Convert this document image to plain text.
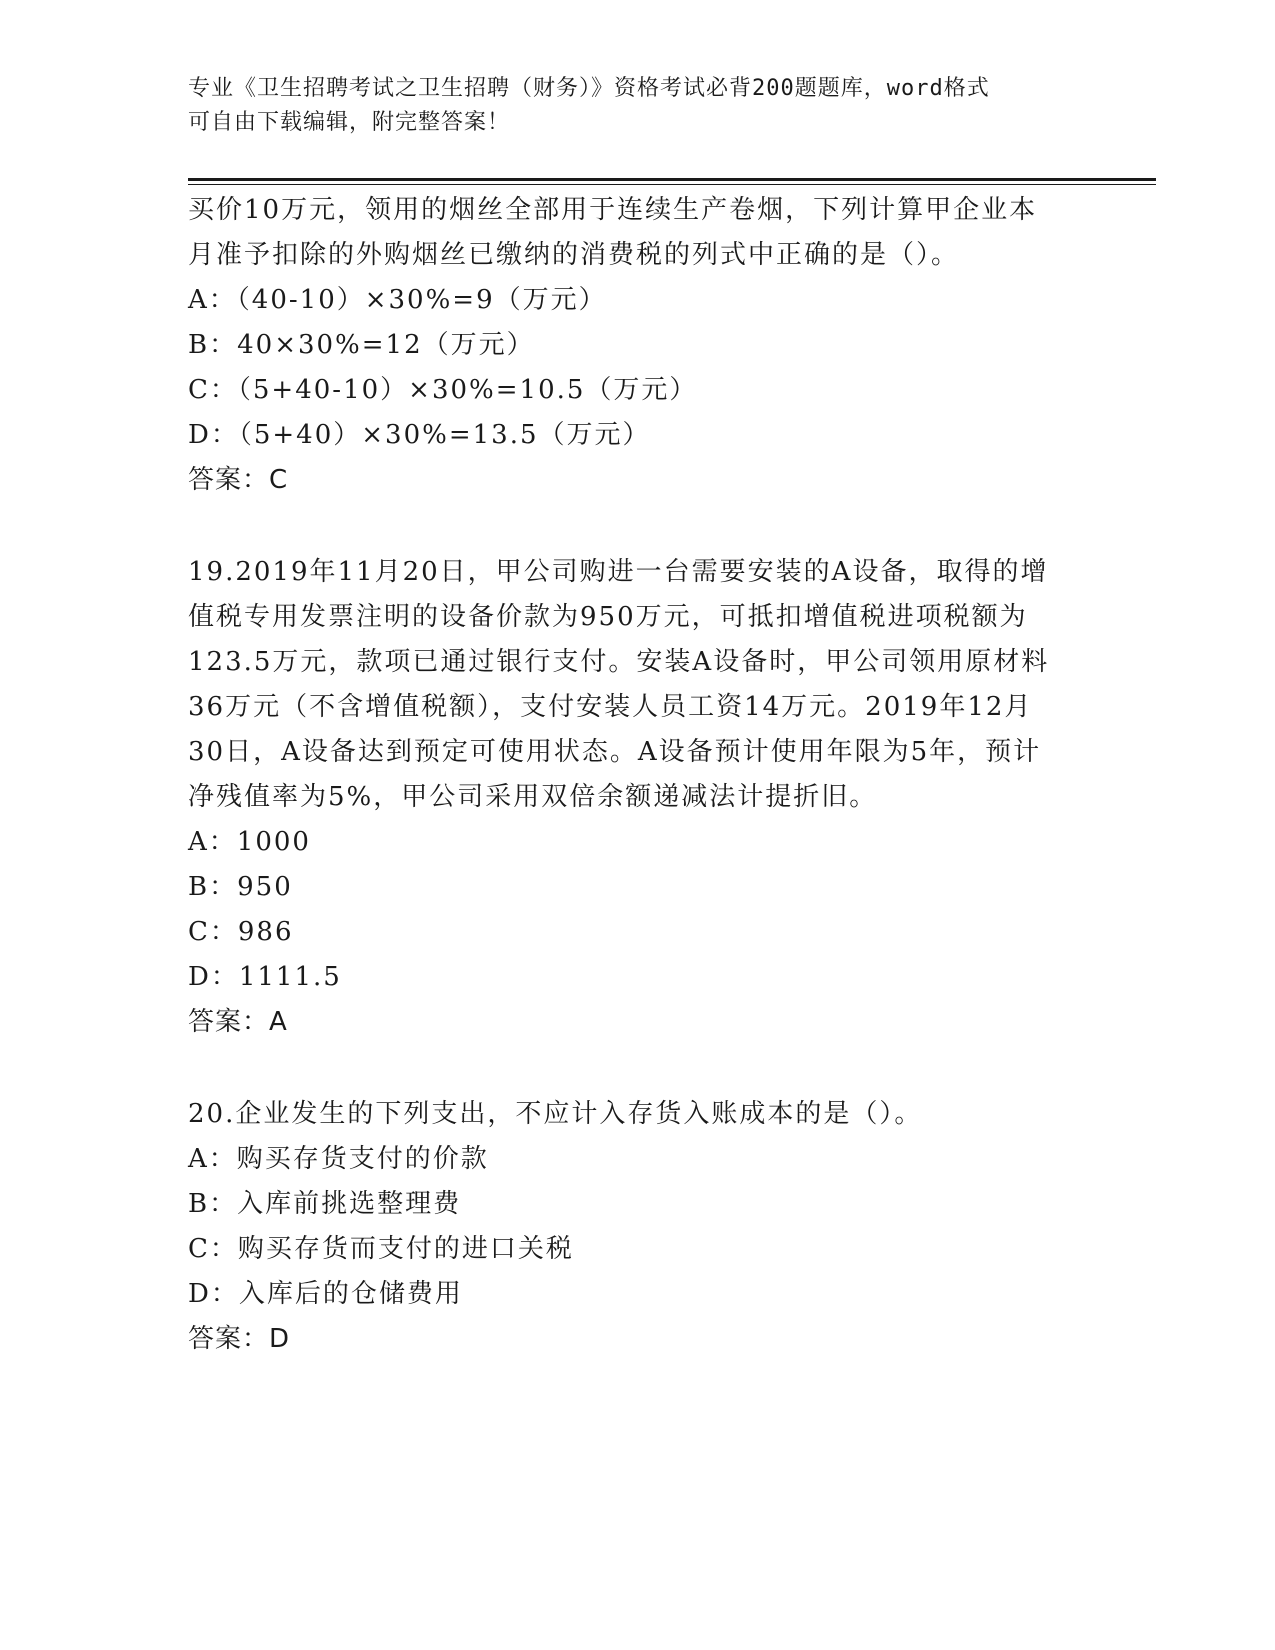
专业《卫生招聘考试之卫生招聘（财务）》资格考试必背200题题库，word格式
可自由下载编辑，附完整答案！
买价10万元，领用的烟丝全部用于连续生产卷烟，下列计算甲企业本
月准予扣除的外购烟丝已缴纳的消费税的列式中正确的是（）。
A：（40-10）×30%=9（万元）
B：40×30%=12（万元）
C：（5+40-10）×30%=10.5（万元）
D：（5+40）×30%=13.5（万元）
答案：C
19.2019年11月20日，甲公司购进一台需要安装的A设备，取得的增
值税专用发票注明的设备价款为950万元，可抵扣增值税进项税额为
123.5万元，款项已通过银行支付。安装A设备时，甲公司领用原材料
36万元（不含增值税额），支付安装人员工资14万元。2019年12月
30日，A设备达到预定可使用状态。A设备预计使用年限为5年，预计
净残值率为5%，甲公司采用双倍余额递减法计提折旧。
A：1000
B：950
C：986
D：1111.5
答案：A
20.企业发生的下列支出，不应计入存货入账成本的是（）。
A：购买存货支付的价款
B：入库前挑选整理费
C：购买存货而支付的进口关税
D：入库后的仓储费用
答案：D
